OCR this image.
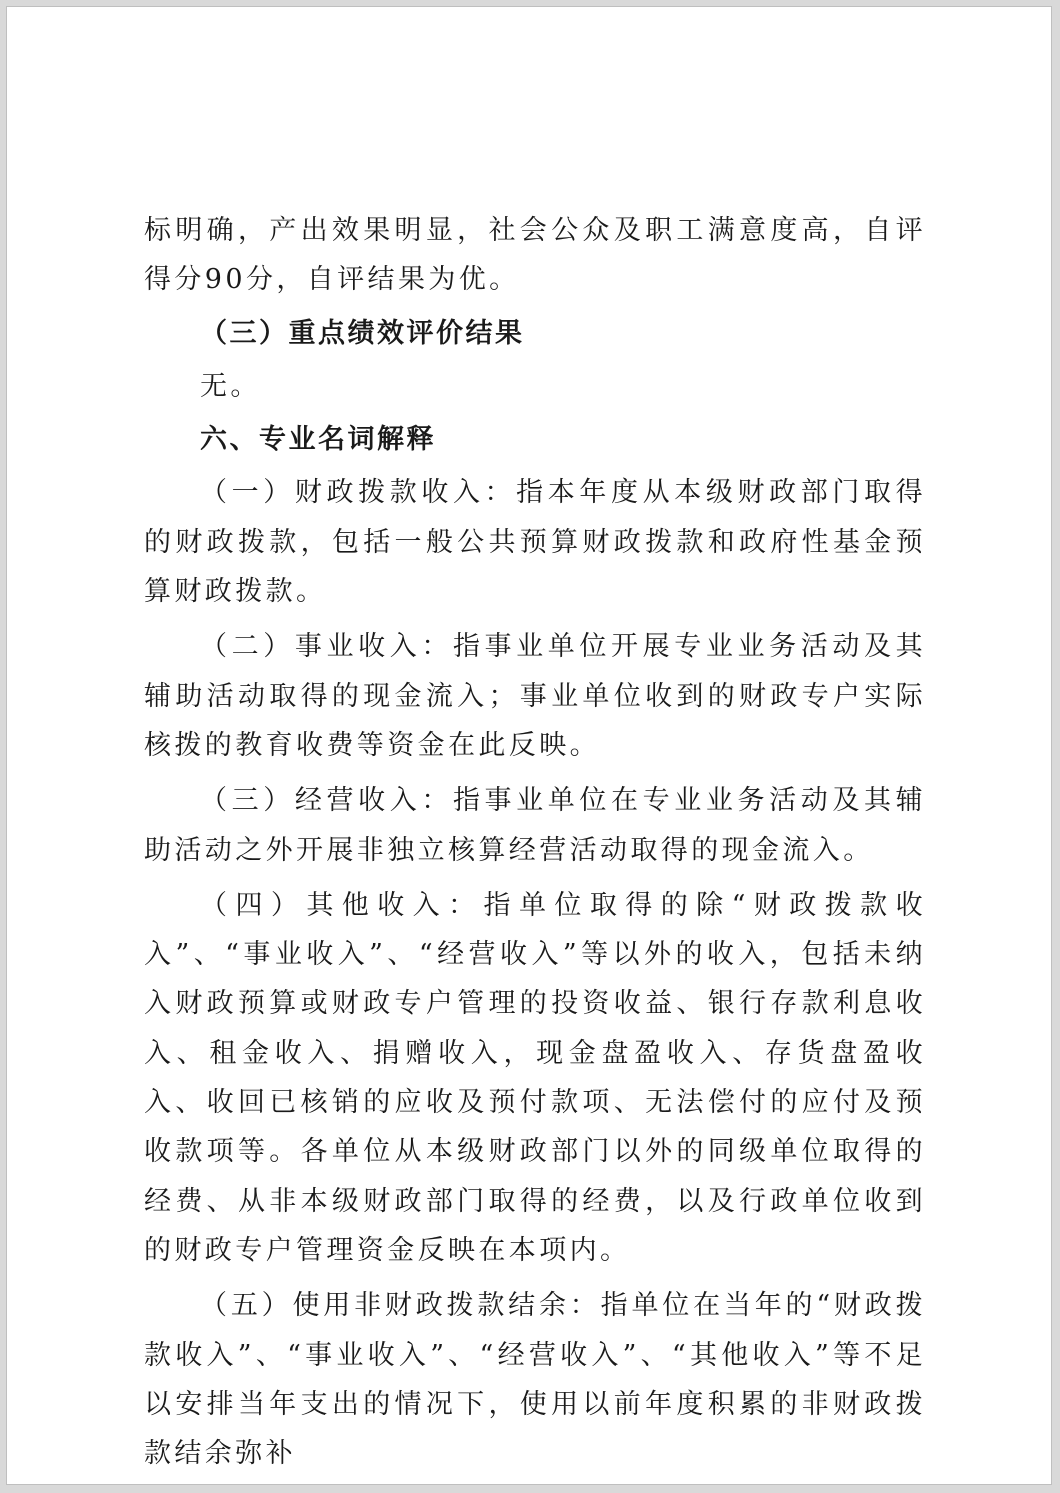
标明确，产出效果明显，社会公众及职工满意度高，自评得分90分，自评结果为优。

（三）重点绩效评价结果

无。

六、专业名词解释

（一）财政拨款收入：指本年度从本级财政部门取得的财政拨款，包括一般公共预算财政拨款和政府性基金预算财政拨款。

（二）事业收入：指事业单位开展专业业务活动及其辅助活动取得的现金流入；事业单位收到的财政专户实际核拨的教育收费等资金在此反映。

（三）经营收入：指事业单位在专业业务活动及其辅助活动之外开展非独立核算经营活动取得的现金流入。

（四）其他收入：指单位取得的除“财政拨款收入”、“事业收入”、“经营收入”等以外的收入，包括未纳入财政预算或财政专户管理的投资收益、银行存款利息收入、租金收入、捐赠收入，现金盘盈收入、存货盘盈收入、收回已核销的应收及预付款项、无法偿付的应付及预收款项等。各单位从本级财政部门以外的同级单位取得的经费、从非本级财政部门取得的经费，以及行政单位收到的财政专户管理资金反映在本项内。

（五）使用非财政拨款结余：指单位在当年的“财政拨款收入”、“事业收入”、“经营收入”、“其他收入”等不足以安排当年支出的情况下，使用以前年度积累的非财政拨款结余弥补
